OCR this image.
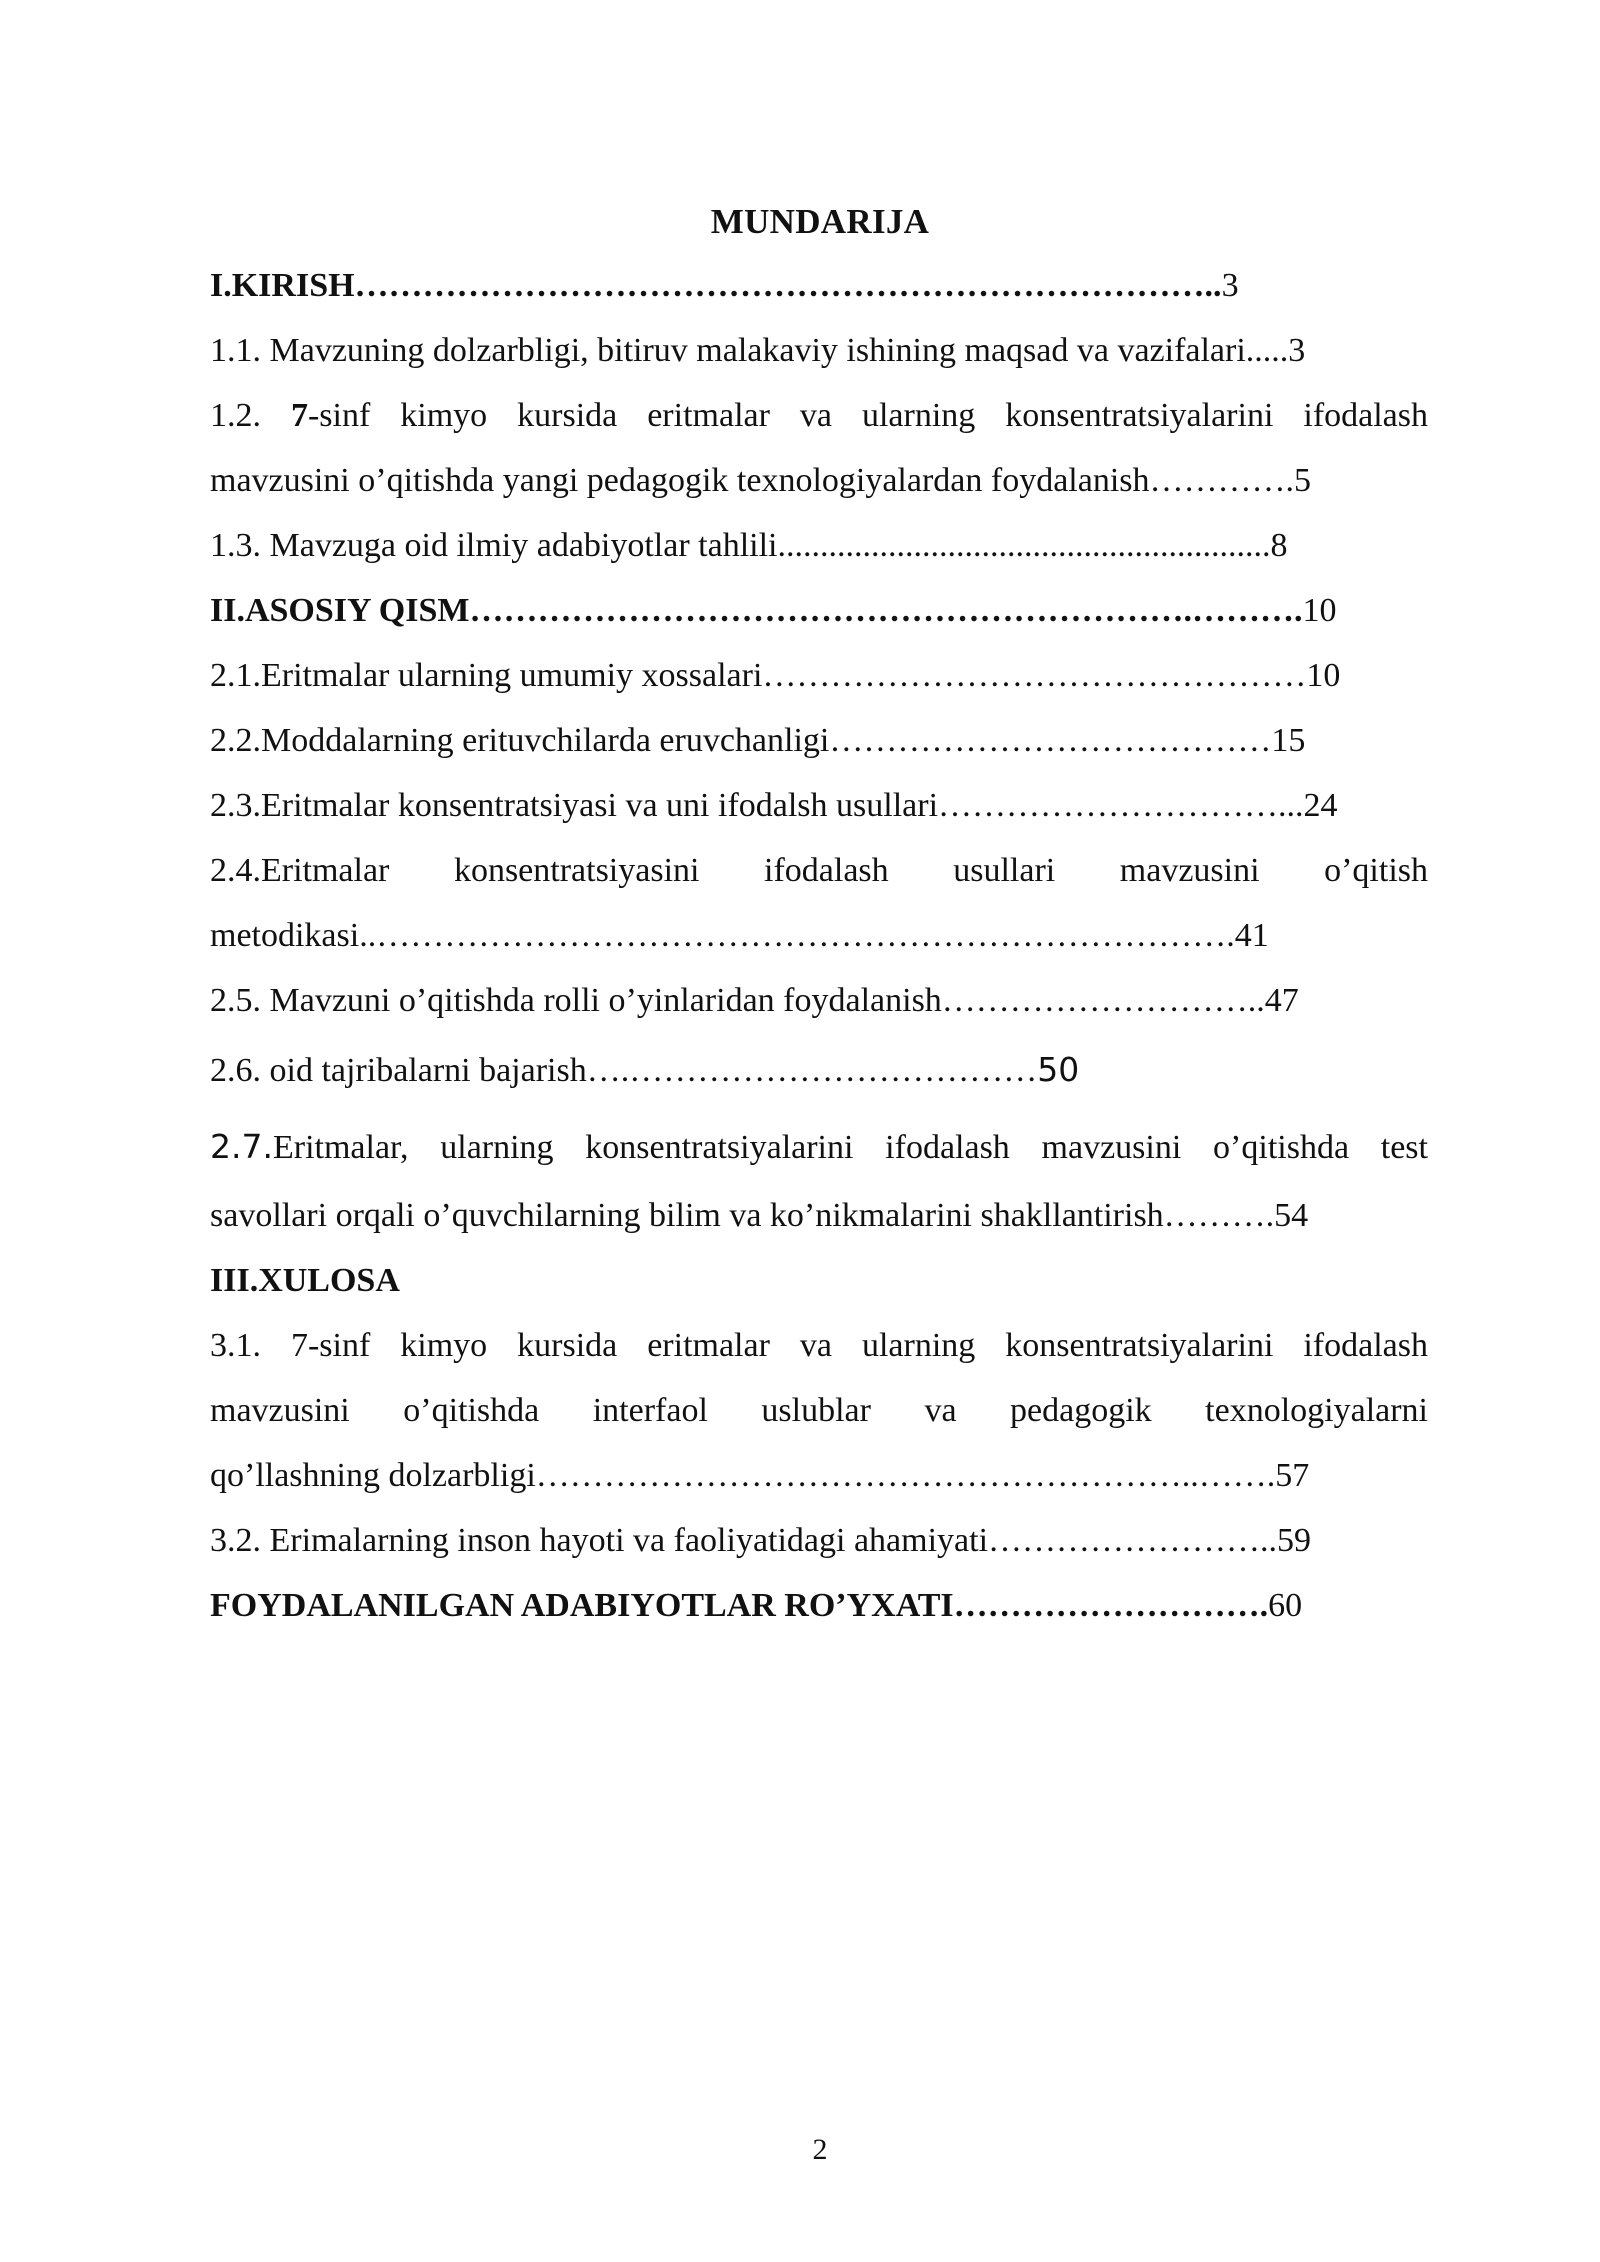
MUNDARIJA
I.KIRISH…………………………………………………………………..3
1.1. Mavzuning dolzarbligi, bitiruv malakaviy ishining maqsad va vazifalari.....3
1.2. 7-sinf kimyo kursida eritmalar va ularning konsentratsiyalarini ifodalash
mavzusini o’qitishda yangi pedagogik texnologiyalardan foydalanish………….5
1.3. Mavzuga oid ilmiy adabiyotlar tahlili..........................................................8
II.ASOSIY QISM……………………………………………………….……….10
2.1.Eritmalar ularning umumiy xossalari…………………………………………10
2.2.Moddalarning erituvchilarda eruvchanligi…………………………………15
2.3.Eritmalar konsentratsiyasi va uni ifodalsh usullari…………………………...24
2.4.Eritmalar konsentratsiyasini ifodalash usullari mavzusini o’qitish
metodikasi..………………………………………………………………….41
2.5. Mavzuni o’qitishda rolli o’yinlaridan foydalanish………………………..47
2.6. oid tajribalarni bajarish….………………………………50
2.7.Eritmalar, ularning konsentratsiyalarini ifodalash mavzusini o’qitishda test
savollari orqali o’quvchilarning bilim va ko’nikmalarini shakllantirish……….54
III.XULOSA
3.1. 7-sinf kimyo kursida eritmalar va ularning konsentratsiyalarini ifodalash
mavzusini o’qitishda interfaol uslublar va pedagogik texnologiyalarni
qo’llashning dolzarbligi…………………………………………………..…….57
3.2. Erimalarning inson hayoti va faoliyatidagi ahamiyati……………………..59
FOYDALANILGAN ADABIYOTLAR RO’YXATI……………………….60
2
